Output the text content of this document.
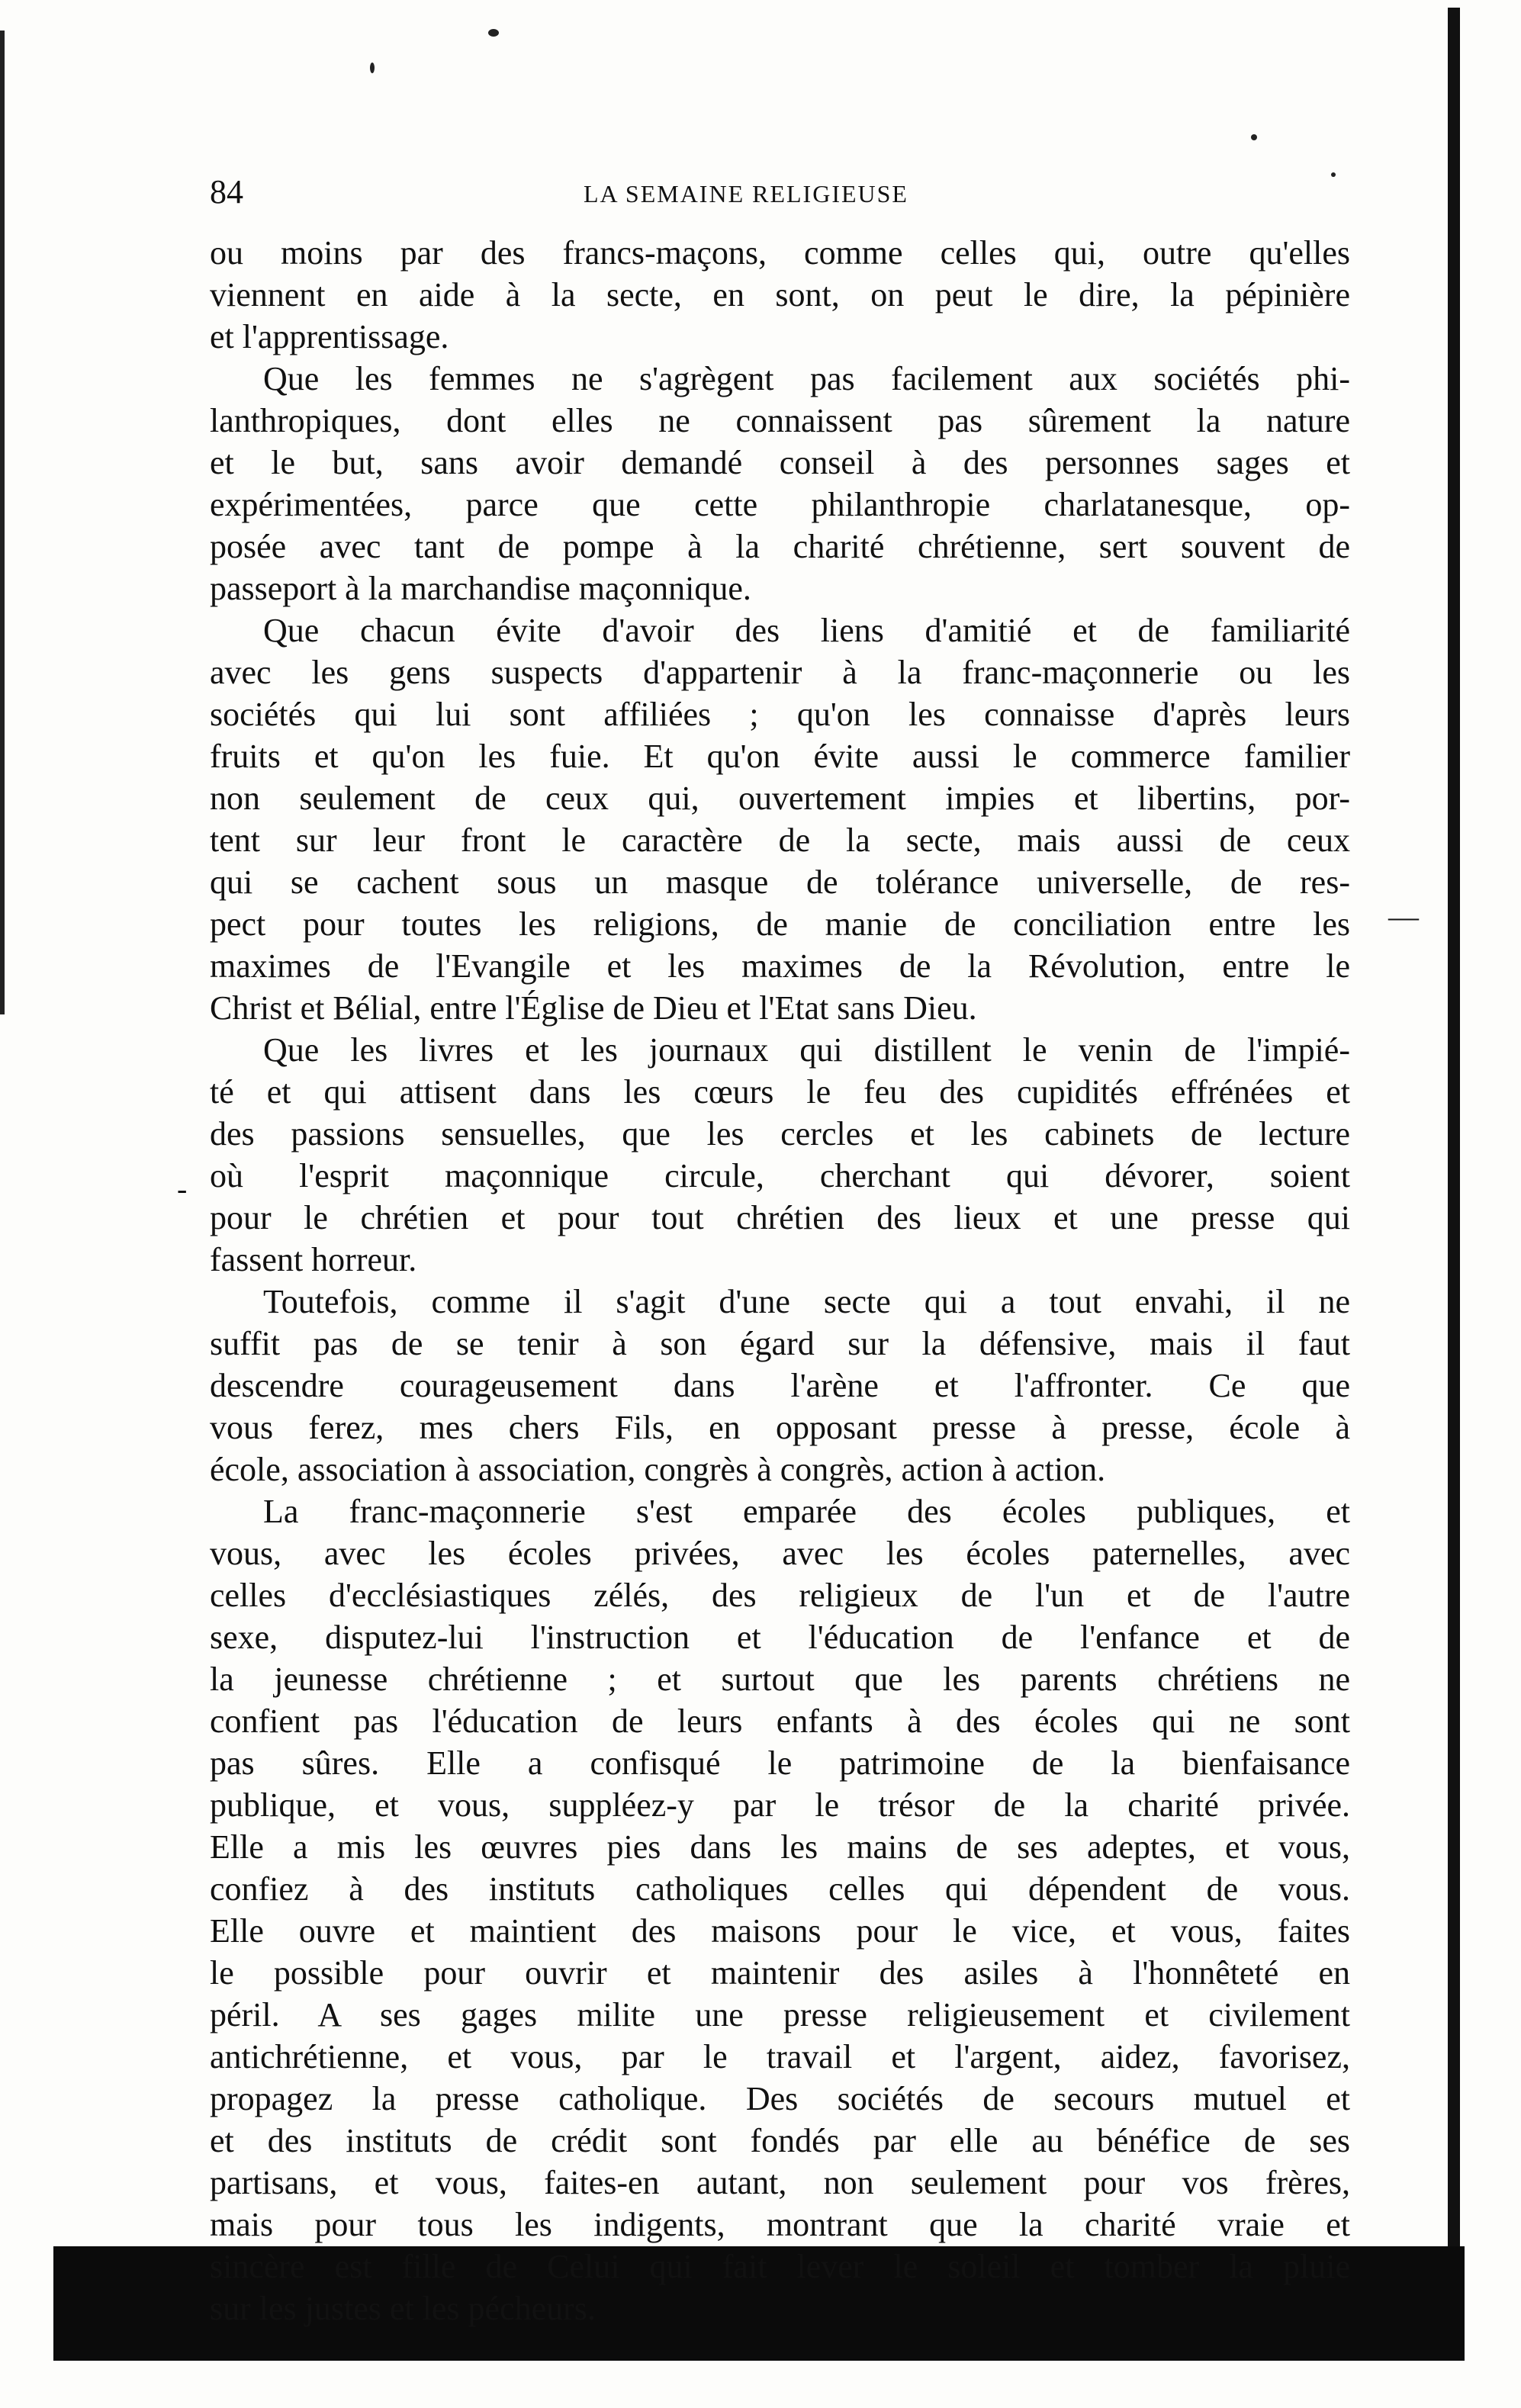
84	LA SEMAINE RELIGIEUSE
ou moins par des francs-maçons, comme celles qui, outre qu'elles
viennent en aide à la secte, en sont, on peut le dire, la pépinière
et l'apprentissage.
Que les femmes ne s'agrègent pas facilement aux sociétés phi-
lanthropiques, dont elles ne connaissent pas sûrement la nature
et le but, sans avoir demandé conseil à des personnes sages et
expérimentées, parce que cette philanthropie charlatanesque, op-
posée avec tant de pompe à la charité chrétienne, sert souvent de
passeport à la marchandise maçonnique.
Que chacun évite d'avoir des liens d'amitié et de familiarité
avec les gens suspects d'appartenir à la franc-maçonnerie ou les
sociétés qui lui sont affiliées ; qu'on les connaisse d'après leurs
fruits et qu'on les fuie. Et qu'on évite aussi le commerce familier
non seulement de ceux qui, ouvertement impies et libertins, por-
tent sur leur front le caractère de la secte, mais aussi de ceux
qui se cachent sous un masque de tolérance universelle, de res-
pect pour toutes les religions, de manie de conciliation entre les
maximes de l'Evangile et les maximes de la Révolution, entre le
Christ et Bélial, entre l'Église de Dieu et l'Etat sans Dieu.
Que les livres et les journaux qui distillent le venin de l'impié-
té et qui attisent dans les cœurs le feu des cupidités effrénées et
des passions sensuelles, que les cercles et les cabinets de lecture
où l'esprit maçonnique circule, cherchant qui dévorer, soient
pour le chrétien et pour tout chrétien des lieux et une presse qui
fassent horreur.
Toutefois, comme il s'agit d'une secte qui a tout envahi, il ne
suffit pas de se tenir à son égard sur la défensive, mais il faut
descendre courageusement dans l'arène et l'affronter. Ce que
vous ferez, mes chers Fils, en opposant presse à presse, école à
école, association à association, congrès à congrès, action à action.
La franc-maçonnerie s'est emparée des écoles publiques, et
vous, avec les écoles privées, avec les écoles paternelles, avec
celles d'ecclésiastiques zélés, des religieux de l'un et de l'autre
sexe, disputez-lui l'instruction et l'éducation de l'enfance et de
la jeunesse chrétienne ; et surtout que les parents chrétiens ne
confient pas l'éducation de leurs enfants à des écoles qui ne sont
pas sûres. Elle a confisqué le patrimoine de la bienfaisance
publique, et vous, suppléez-y par le trésor de la charité privée.
Elle a mis les œuvres pies dans les mains de ses adeptes, et vous,
confiez à des instituts catholiques celles qui dépendent de vous.
Elle ouvre et maintient des maisons pour le vice, et vous, faites
le possible pour ouvrir et maintenir des asiles à l'honnêteté en
péril. A ses gages milite une presse religieusement et civilement
antichrétienne, et vous, par le travail et l'argent, aidez, favorisez,
propagez la presse catholique. Des sociétés de secours mutuel et
et des instituts de crédit sont fondés par elle au bénéfice de ses
partisans, et vous, faites-en autant, non seulement pour vos frères,
mais pour tous les indigents, montrant que la charité vraie et
sincère est fille de Celui qui fait lever le soleil et tomber la pluie
sur les justes et les pécheurs.
—
-
